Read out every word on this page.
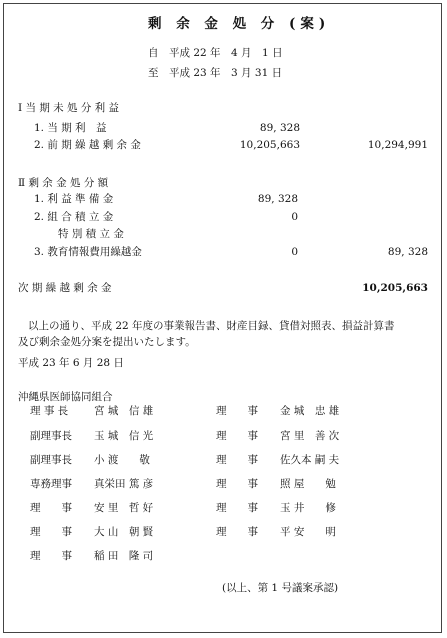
剰 余 金 処 分 (案)
自　平成 22 年　4 月　1 日
至　平成 23 年　3 月 31 日
Ⅰ 当 期 未 処 分 利 益
1. 当 期 利　益	89, 328
2. 前 期 繰 越 剰 余 金	10,205,663	10,294,991
Ⅱ 剰 余 金 処 分 額
1. 利 益 準 備 金	89, 328
2. 組 合 積 立 金	0
特 別 積 立 金
3. 教育情報費用繰越金	0	89, 328
次 期 繰 越 剰 余 金	10,205,663
以上の通り、平成 22 年度の事業報告書、財産目録、貸借対照表、損益計算書
及び剰余金処分案を提出いたします。
平成 23 年 6 月 28 日
沖縄県医師協同組合
理 事 長 宮 城　信 雄	理　　事 金 城　忠 雄
副理事長 玉 城　信 光	理　　事 宮 里　善 次
副理事長 小 渡　　敬	理　　事 佐久本 嗣 夫
専務理事 真栄田 篤 彦	理　　事 照 屋　　勉
理　　事 安 里　哲 好	理　　事 玉 井　　修
理　　事 大 山　朝 賢	理　　事 平 安　　明
理　　事 稲 田　隆 司
(以上、第 1 号議案承認)
